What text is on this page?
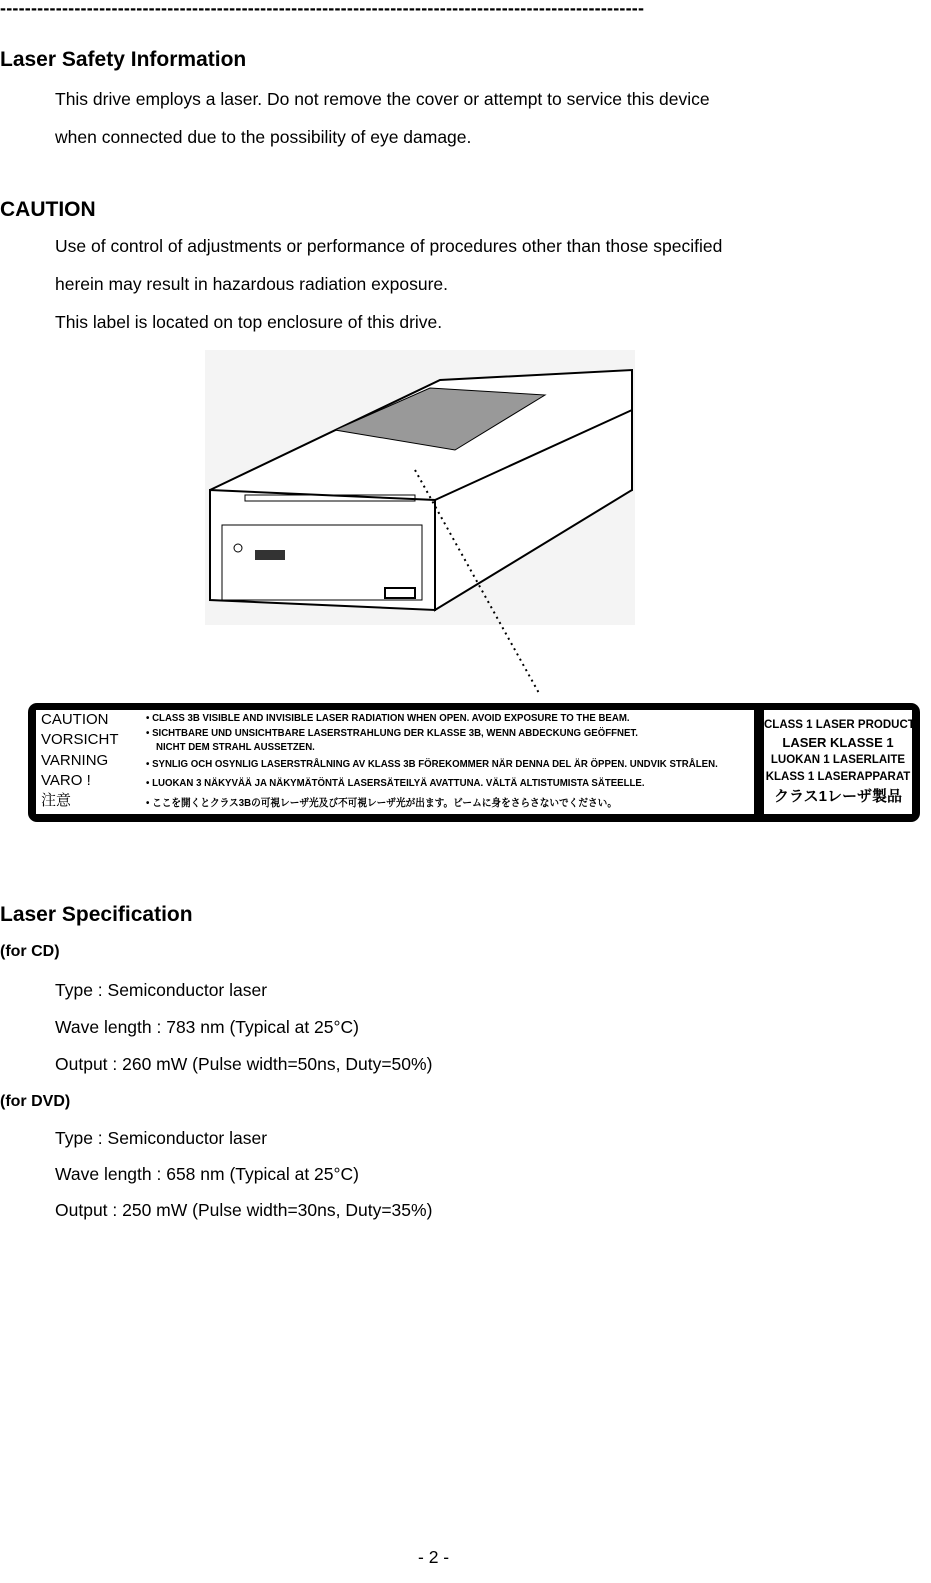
--------------------------------------------------------------------------------------------------------
Laser Safety Information
This drive employs a laser. Do not remove the cover or attempt to service this device
when connected due to the possibility of eye damage.
CAUTION
Use of control of adjustments or performance of procedures other than those specified
herein may result in hazardous radiation exposure.
This label is located on top enclosure of this drive.
CAUTION
VORSICHT
VARNING
VARO !
注意
• CLASS 3B VISIBLE AND INVISIBLE LASER RADIATION WHEN OPEN. AVOID EXPOSURE TO THE BEAM.
• SICHTBARE UND UNSICHTBARE LASERSTRAHLUNG DER KLASSE 3B, WENN ABDECKUNG GEÖFFNET.
NICHT DEM STRAHL AUSSETZEN.
• SYNLIG OCH OSYNLIG LASERSTRÅLNING AV KLASS 3B FÖREKOMMER NÄR DENNA DEL ÄR ÖPPEN. UNDVIK STRÅLEN.
• LUOKAN 3 NÄKYVÄÄ JA NÄKYMÄTÖNTÄ LASERSÄTEILYÄ AVATTUNA. VÄLTÄ ALTISTUMISTA SÄTEELLE.
• ここを開くとクラス3Bの可視レーザ光及び不可視レーザ光が出ます。ビームに身をさらさないでください。
CLASS 1 LASER PRODUCT
LASER KLASSE 1
LUOKAN 1 LASERLAITE
KLASS 1 LASERAPPARAT
クラス1レーザ製品
Laser Specification
(for CD)
Type : Semiconductor laser
Wave length : 783 nm (Typical at 25°C)
Output : 260 mW (Pulse width=50ns, Duty=50%)
(for DVD)
Type : Semiconductor laser
Wave length : 658 nm (Typical at 25°C)
Output : 250 mW (Pulse width=30ns, Duty=35%)
- 2 -
